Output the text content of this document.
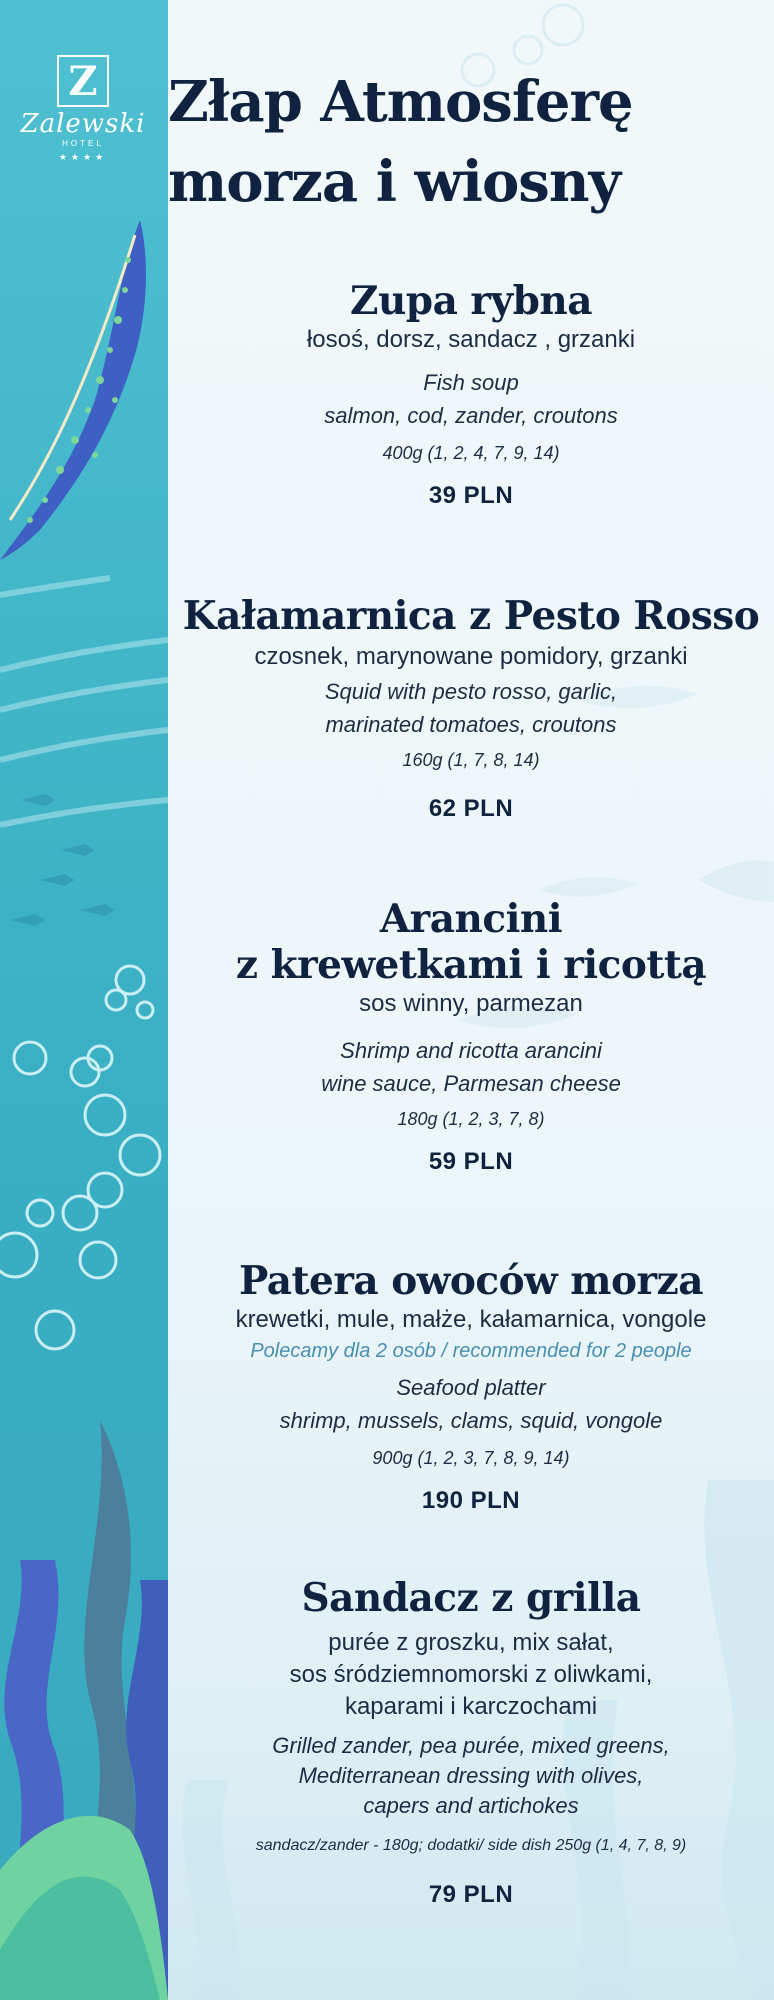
Z
Zalewski
HOTEL
★★★★
Złap Atmosferę
morza i wiosny
Zupa rybna
łosoś, dorsz, sandacz , grzanki
Fish soup
salmon, cod, zander, croutons
400g (1, 2, 4, 7, 9, 14)
39 PLN
Kałamarnica z Pesto Rosso
czosnek, marynowane pomidory, grzanki
Squid with pesto rosso, garlic,
marinated tomatoes, croutons
160g (1, 7, 8, 14)
62 PLN
Arancini
z krewetkami i ricottą
sos winny, parmezan
Shrimp and ricotta arancini
wine sauce, Parmesan cheese
180g (1, 2, 3, 7, 8)
59 PLN
Patera owoców morza
krewetki, mule, małże, kałamarnica, vongole
Polecamy dla 2 osób / recommended for 2 people
Seafood platter
shrimp, mussels, clams, squid, vongole
900g (1, 2, 3, 7, 8, 9, 14)
190 PLN
Sandacz z grilla
purée z groszku, mix sałat,
sos śródziemnomorski z oliwkami,
kaparami i karczochami
Grilled zander, pea purée, mixed greens,
Mediterranean dressing with olives,
capers and artichokes
sandacz/zander - 180g; dodatki/ side dish 250g (1, 4, 7, 8, 9)
79 PLN
